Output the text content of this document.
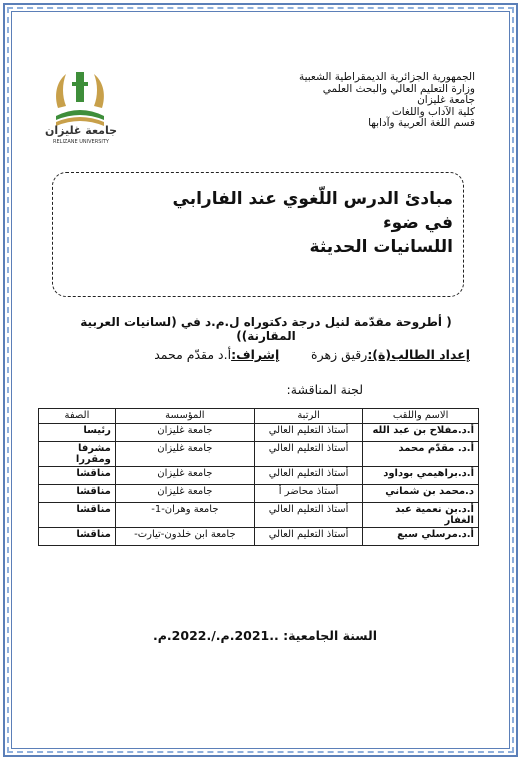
الجمهورية الجزائرية الديمقراطية الشعبية
وزارة التعليم العالي والبحث العلمي
جامعة غليزان
كلية الآداب واللغات
قسم اللغة العربية وآدابها
جامعة غليزان
RELIZANE UNIVERSITY
مبادئ الدرس اللّغوي عند الفارابي في ضوء
اللسانيات الحديثة
( أطروحة مقدّمة لنيل درجة دكتوراه ل.م.د في (لسانيات العربية المقارنة))
إعداد الطالب(ة):رقيق زهرة        إشراف:أ.د مقدّم محمد
لجنة المناقشة:
الاسم واللقب	الرتبة	المؤسسة	الصفة
أ.د.مفلاح بن عبد الله	أستاذ التعليم العالي	جامعة غليزان	رئيسا
أ.د. مقدّم محمد	أستاذ التعليم العالي	جامعة غليزان	مشرفا ومقررا
أ.د.براهيمي بوداود	أستاذ التعليم العالي	جامعة غليزان	مناقشا
د.محمد بن شماني	أستاذ محاضر أ	جامعة غليزان	مناقشا
أ.د.بن نعمية عبد الغفار	أستاذ التعليم العالي	جامعة وهران-1-	مناقشا
أ.د.مرسلي سبع	أستاذ التعليم العالي	جامعة ابن خلدون-تيارت-	مناقشا
السنة الجامعية: ..2021.م./.2022.م.
